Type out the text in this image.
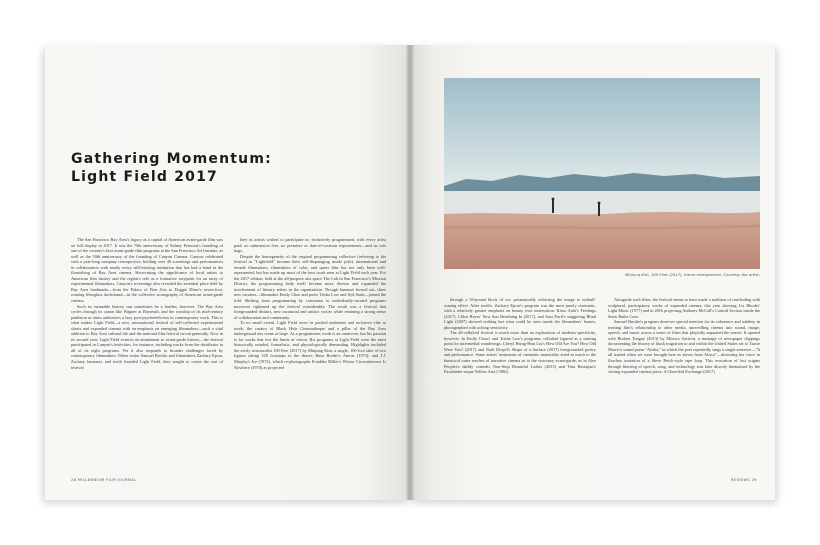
Gathering Momentum:
Light Field 2017

The San Francisco Bay Area's legacy as a capital of American avant-garde film was on full display in 2017. It was the 70th anniversary of Sidney Peterson's founding of one of the country's first avant-garde film programs at the San Francisco Art Institute, as well as the 50th anniversary of the founding of Canyon Cinema. Canyon celebrated with a year-long company retrospective, holding over 40 screenings and performances in collaboration with nearly every still-existing institution that has had a hand in the flourishing of Bay Area cinema. Showcasing the significance of local artists to American film history and the region's role as a formative waypoint for an array of experimental filmmakers, Canyon's screenings also revealed the essential place held by Bay Area landmarks—from the Palace of Fine Arts to Doggie Diner's seven-foot, rotating fiberglass dachshund—in the collective iconography of American avant-garde cinema.

Such an estimable history can sometimes be a burden, however. The Bay Area cycles through its canon like Wagner at Bayreuth, and the worship of its mid-century pantheon at times authorizes a lazy post-psychedelicism in contemporary work. This is what makes Light Field—a new, international festival of self-collected experimental shorts and expanded cinema with an emphasis on emerging filmmakers—such a vital addition to Bay Area cultural life and the national film festival circuit generally. Now in its second year, Light Field evinces an attunement to avant-garde history—the festival participated in Canyon's festivities, for instance, including works from the distributor in all of its eight programs. Yet it also responds to broader challenges faced by contemporary filmmakers. When writer Samuel Breslin and filmmakers Zachary Epcar, Zachary Iannazzi, and tooth founded Light Field, they sought to create the sort of festival

they as artists wished to participate in: inclusively programmed, with every artist paid, no submission fees, no premiere or date-of-creation requirements—and no tote bags.

Despite the homogeneity of the original programming collective (referring to the festival as "Lightfield" became their self-disparaging inside joke), international and female filmmakers, filmmakers of color, and queer film has not only been well-represented, but has made up most of the best work seen at Light Field each year. For the 2017 edition, held at the all-purpose arts space The Lab in San Francisco's Mission District, the programming body itself became more diverse and expanded the involvement of literary artists in the organization. Though Iannazzi bowed out, three new curators—filmmaker Emily Chao and poets Trisha Low and Syd Staiti—joined the fold. Shifting from programming by consensus to individually-curated programs moreover tightened up the festival considerably. The result was a festival that foregrounded distinct, new curatorial and artistic voices while retaining a strong sense of collaboration and community.

To no small extent, Light Field owes its packed audiences and inclusive vibe to tooth, the curator of Black Hole Cinematheque and a pillar of the Bay Area underground arts scene at large. As a programmer, tooth is an omnivore, but his passion is for works that test the limits of vision. His programs at Light Field were the most historically minded, formalistic, and physiologically demanding. Highlights included the eerily structuralist 100 Feet (2017) by Minjung Kim, a single, 100-foot take of two figures taking 100 footsteps in the desert; Hans Breder's Amrus (1973); and J.J. Murphy's Ice (1972), which re-photographs Franklin Miller's Whose Circumference Is Nowhere (1970) as projected

28 MILLENNIUM FILM JOURNAL
Minjung Kim, 100 Feet (2017), frame enlargement. Courtesy the artist.

through a 50-pound block of ice, prismatically refracting the image to eyeball-searing effect. After tooth's, Zachary Epcar's program was the most purely cinematic, with a relatively greater emphasis on beauty over innervation: Kioto Aoki's Feedings (2017), Chloe Reyes' New Sun Breathing In (2017), and Sara Pucil's staggering Blind Light (2007) showed nothing but what could be seen inside the filmmakers' homes, photographed with aching sensitivity.

The all-celluloid festival is much more than an exploration of medium specificity, however. In Emily Chao's and Trisha Low's programs, celluloid figured as a starting point for intermedial wanderings. Cheryl Hsing-Hsin Liu's How Old Are You? How Old Were You? (2017) and Narli Dinçel's Shape of a Surface (2017) foregrounded poetry and performance. Some artists' treatments of cinematic materiality erred as much to the theatrical outer reaches of narrative cinema as to the visionary avant-garde, as in Alee Peoples's darkly comedic Non-Stop Beautiful Ladies (2015) and Tina Bastajian's Fassbinder-esque Yellow Aria (1986).

Alongside such films, the festival seems to have made a tradition of concluding with sculptural, participatory works of expanded cinema, this year showing Lis Rhodes' Light Music (1977) and in 2016 projecting Anthony McCall's Conical Section inside the Sutro Baths Cave.

Samuel Breslin's program deserves special mention for its coherence and subtlety in treating film's relationship to other media, unravelling cinema into sound, image, speech, and music across a series of films that playfully separated the senses. It opened with Broken Tongue (2013) by Mónica Savirón, a montage of newspaper clippings documenting the history of black migration to and within the United States set to Tracie Morris's sound poem "Afrika," in which the poet repeatedly sings a single sentence—"It all started when we were brought here as slaves from Africa"—distorting her voice in flawless imitation of a Steve Reich-style tape loop. This evocation of lost origins through blurring of speech, song, and technology was later directly thematized by the closing expanded cinema piece, A Cheerleaf Exchange (2017)

REVIEWS 29
